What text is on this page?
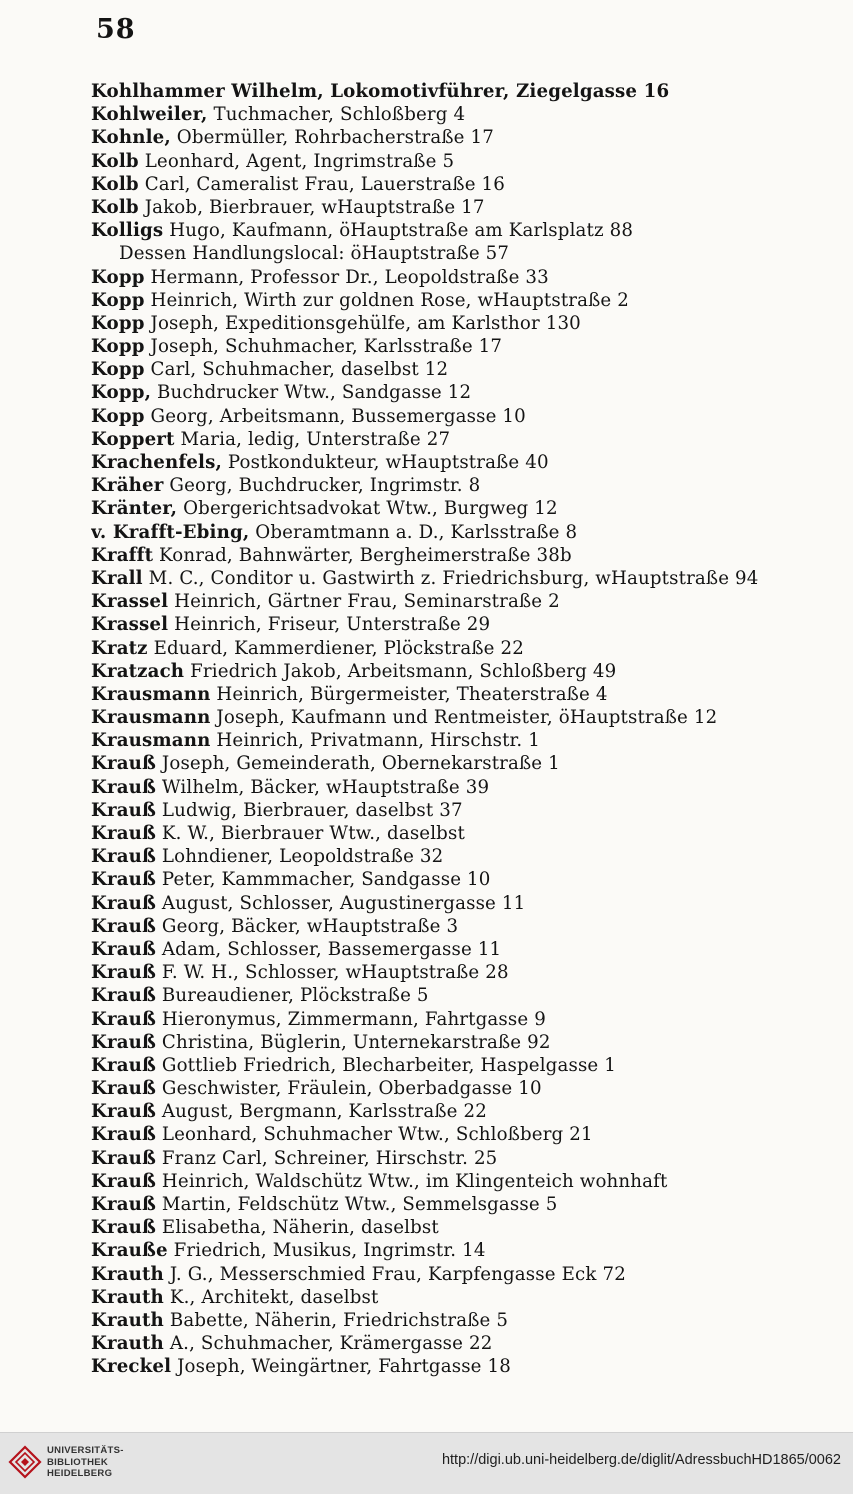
58
Kohlhammer Wilhelm, Lokomotivführer, Ziegelgasse 16
Kohlweiler, Tuchmacher, Schloßberg 4
Kohnle, Obermüller, Rohrbacherstraße 17
Kolb Leonhard, Agent, Ingrimstraße 5
Kolb Carl, Cameralist Frau, Lauerstraße 16
Kolb Jakob, Bierbrauer, wHauptstraße 17
Kolligs Hugo, Kaufmann, öHauptstraße am Karlsplatz 88
Dessen Handlungslocal: öHauptstraße 57
Kopp Hermann, Professor Dr., Leopoldstraße 33
Kopp Heinrich, Wirth zur goldnen Rose, wHauptstraße 2
Kopp Joseph, Expeditionsgehülfe, am Karlsthor 130
Kopp Joseph, Schuhmacher, Karlsstraße 17
Kopp Carl, Schuhmacher, daselbst 12
Kopp, Buchdrucker Wtw., Sandgasse 12
Kopp Georg, Arbeitsmann, Bussemergasse 10
Koppert Maria, ledig, Unterstraße 27
Krachenfels, Postkondukteur, wHauptstraße 40
Kräher Georg, Buchdrucker, Ingrimstr. 8
Kränter, Obergerichtsadvokat Wtw., Burgweg 12
v. Krafft-Ebing, Oberamtmann a. D., Karlsstraße 8
Krafft Konrad, Bahnwärter, Bergheimerstraße 38b
Krall M. C., Conditor u. Gastwirth z. Friedrichsburg, wHauptstraße 94
Krassel Heinrich, Gärtner Frau, Seminarstraße 2
Krassel Heinrich, Friseur, Unterstraße 29
Kratz Eduard, Kammerdiener, Plöckstraße 22
Kratzach Friedrich Jakob, Arbeitsmann, Schloßberg 49
Krausmann Heinrich, Bürgermeister, Theaterstraße 4
Krausmann Joseph, Kaufmann und Rentmeister, öHauptstraße 12
Krausmann Heinrich, Privatmann, Hirschstr. 1
Krauß Joseph, Gemeinderath, Obernekarstraße 1
Krauß Wilhelm, Bäcker, wHauptstraße 39
Krauß Ludwig, Bierbrauer, daselbst 37
Krauß K. W., Bierbrauer Wtw., daselbst
Krauß Lohndiener, Leopoldstraße 32
Krauß Peter, Kammmacher, Sandgasse 10
Krauß August, Schlosser, Augustinergasse 11
Krauß Georg, Bäcker, wHauptstraße 3
Krauß Adam, Schlosser, Bassemergasse 11
Krauß F. W. H., Schlosser, wHauptstraße 28
Krauß Bureaudiener, Plöckstraße 5
Krauß Hieronymus, Zimmermann, Fahrtgasse 9
Krauß Christina, Büglerin, Unternekarstraße 92
Krauß Gottlieb Friedrich, Blecharbeiter, Haspelgasse 1
Krauß Geschwister, Fräulein, Oberbadgasse 10
Krauß August, Bergmann, Karlsstraße 22
Krauß Leonhard, Schuhmacher Wtw., Schloßberg 21
Krauß Franz Carl, Schreiner, Hirschstr. 25
Krauß Heinrich, Waldschütz Wtw., im Klingenteich wohnhaft
Krauß Martin, Feldschütz Wtw., Semmelsgasse 5
Krauß Elisabetha, Näherin, daselbst
Krauße Friedrich, Musikus, Ingrimstr. 14
Krauth J. G., Messerschmied Frau, Karpfengasse Eck 72
Krauth K., Architekt, daselbst
Krauth Babette, Näherin, Friedrichstraße 5
Krauth A., Schuhmacher, Krämergasse 22
Kreckel Joseph, Weingärtner, Fahrtgasse 18
UNIVERSITÄTS-
BIBLIOTHEK
HEIDELBERG
http://digi.ub.uni-heidelberg.de/diglit/AdressbuchHD1865/0062
